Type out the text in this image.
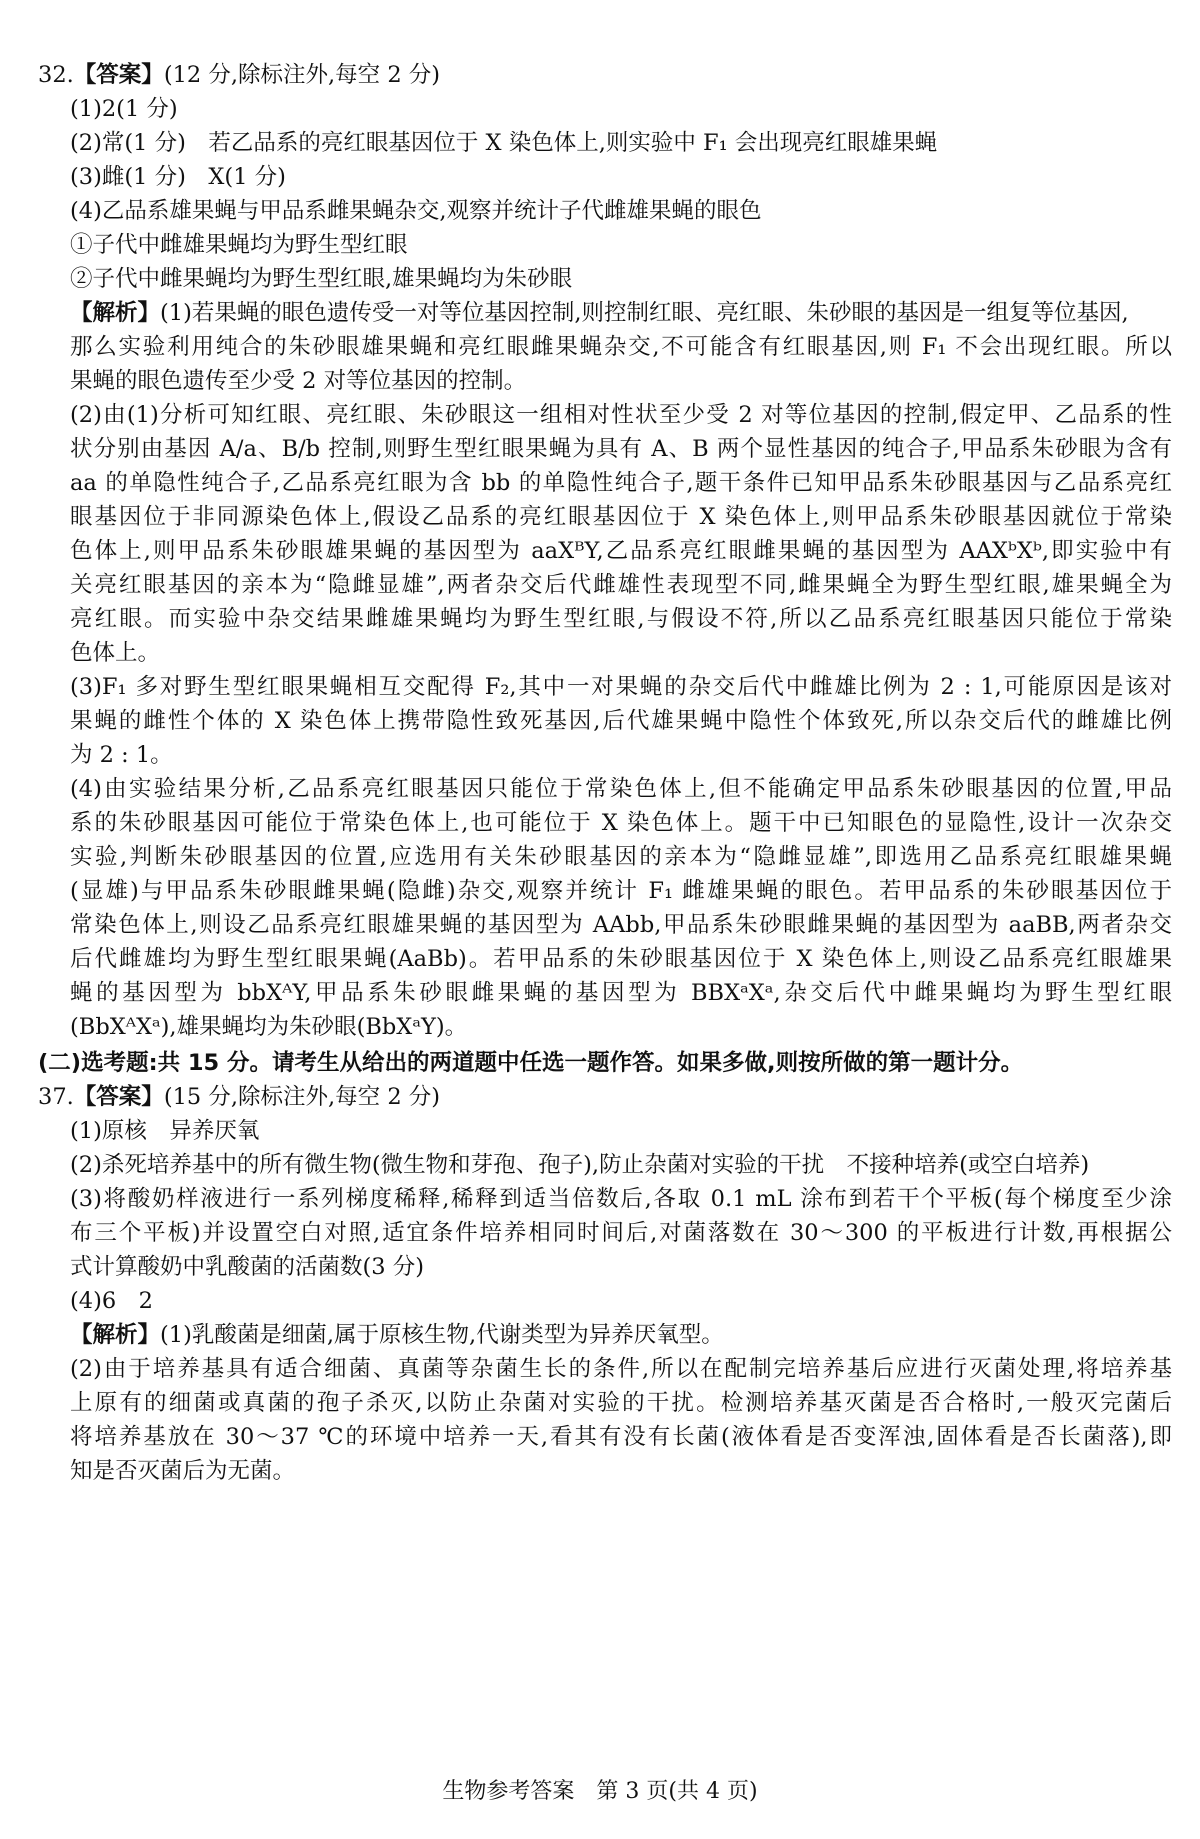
32.【答案】(12 分,除标注外,每空 2 分)
(1)2(1 分)
(2)常(1 分)　若乙品系的亮红眼基因位于 X 染色体上,则实验中 F₁ 会出现亮红眼雄果蝇
(3)雌(1 分)　X(1 分)
(4)乙品系雄果蝇与甲品系雌果蝇杂交,观察并统计子代雌雄果蝇的眼色
①子代中雌雄果蝇均为野生型红眼
②子代中雌果蝇均为野生型红眼,雄果蝇均为朱砂眼
【解析】(1)若果蝇的眼色遗传受一对等位基因控制,则控制红眼、亮红眼、朱砂眼的基因是一组复等位基因,
那么实验利用纯合的朱砂眼雄果蝇和亮红眼雌果蝇杂交,不可能含有红眼基因,则 F₁ 不会出现红眼。所以
果蝇的眼色遗传至少受 2 对等位基因的控制。
(2)由(1)分析可知红眼、亮红眼、朱砂眼这一组相对性状至少受 2 对等位基因的控制,假定甲、乙品系的性
状分别由基因 A/a、B/b 控制,则野生型红眼果蝇为具有 A、B 两个显性基因的纯合子,甲品系朱砂眼为含有
aa 的单隐性纯合子,乙品系亮红眼为含 bb 的单隐性纯合子,题干条件已知甲品系朱砂眼基因与乙品系亮红
眼基因位于非同源染色体上,假设乙品系的亮红眼基因位于 X 染色体上,则甲品系朱砂眼基因就位于常染
色体上,则甲品系朱砂眼雄果蝇的基因型为 aaXᴮY,乙品系亮红眼雌果蝇的基因型为 AAXᵇXᵇ,即实验中有
关亮红眼基因的亲本为“隐雌显雄”,两者杂交后代雌雄性表现型不同,雌果蝇全为野生型红眼,雄果蝇全为
亮红眼。而实验中杂交结果雌雄果蝇均为野生型红眼,与假设不符,所以乙品系亮红眼基因只能位于常染
色体上。
(3)F₁ 多对野生型红眼果蝇相互交配得 F₂,其中一对果蝇的杂交后代中雌雄比例为 2 : 1,可能原因是该对
果蝇的雌性个体的 X 染色体上携带隐性致死基因,后代雄果蝇中隐性个体致死,所以杂交后代的雌雄比例
为 2 : 1。
(4)由实验结果分析,乙品系亮红眼基因只能位于常染色体上,但不能确定甲品系朱砂眼基因的位置,甲品
系的朱砂眼基因可能位于常染色体上,也可能位于 X 染色体上。题干中已知眼色的显隐性,设计一次杂交
实验,判断朱砂眼基因的位置,应选用有关朱砂眼基因的亲本为“隐雌显雄”,即选用乙品系亮红眼雄果蝇
(显雄)与甲品系朱砂眼雌果蝇(隐雌)杂交,观察并统计 F₁ 雌雄果蝇的眼色。若甲品系的朱砂眼基因位于
常染色体上,则设乙品系亮红眼雄果蝇的基因型为 AAbb,甲品系朱砂眼雌果蝇的基因型为 aaBB,两者杂交
后代雌雄均为野生型红眼果蝇(AaBb)。若甲品系的朱砂眼基因位于 X 染色体上,则设乙品系亮红眼雄果
蝇的基因型为 bbXᴬY,甲品系朱砂眼雌果蝇的基因型为 BBXᵃXᵃ,杂交后代中雌果蝇均为野生型红眼
(BbXᴬXᵃ),雄果蝇均为朱砂眼(BbXᵃY)。
(二)选考题:共 15 分。请考生从给出的两道题中任选一题作答。如果多做,则按所做的第一题计分。
37.【答案】(15 分,除标注外,每空 2 分)
(1)原核　异养厌氧
(2)杀死培养基中的所有微生物(微生物和芽孢、孢子),防止杂菌对实验的干扰　不接种培养(或空白培养)
(3)将酸奶样液进行一系列梯度稀释,稀释到适当倍数后,各取 0.1 mL 涂布到若干个平板(每个梯度至少涂
布三个平板)并设置空白对照,适宜条件培养相同时间后,对菌落数在 30～300 的平板进行计数,再根据公
式计算酸奶中乳酸菌的活菌数(3 分)
(4)6　2
【解析】(1)乳酸菌是细菌,属于原核生物,代谢类型为异养厌氧型。
(2)由于培养基具有适合细菌、真菌等杂菌生长的条件,所以在配制完培养基后应进行灭菌处理,将培养基
上原有的细菌或真菌的孢子杀灭,以防止杂菌对实验的干扰。检测培养基灭菌是否合格时,一般灭完菌后
将培养基放在 30～37 ℃的环境中培养一天,看其有没有长菌(液体看是否变浑浊,固体看是否长菌落),即
知是否灭菌后为无菌。
生物参考答案　第 3 页(共 4 页)
